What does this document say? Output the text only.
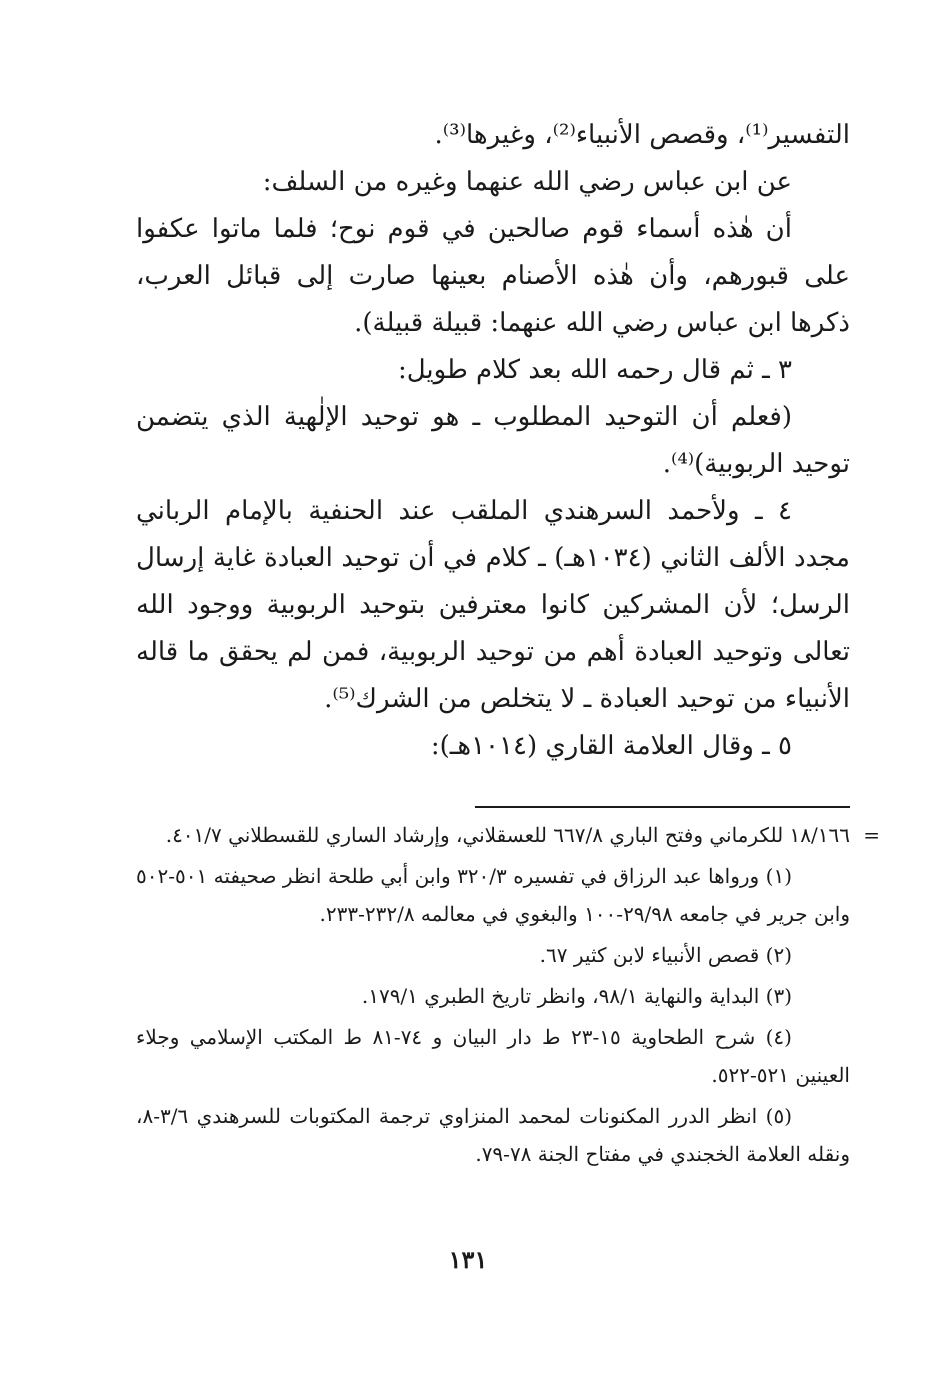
التفسير⁽¹⁾، وقصص الأنبياء⁽²⁾، وغيرها⁽³⁾.

عن ابن عباس رضي الله عنهما وغيره من السلف:

أن هٰذه أسماء قوم صالحين في قوم نوح؛ فلما ماتوا عكفوا على قبورهم، وأن هٰذه الأصنام بعينها صارت إلى قبائل العرب، ذكرها ابن عباس رضي الله عنهما: قبيلة قبيلة).

٣ ـ ثم قال رحمه الله بعد كلام طويل:

(فعلم أن التوحيد المطلوب ـ هو توحيد الإلٰهية الذي يتضمن توحيد الربوبية)⁽⁴⁾.

٤ ـ ولأحمد السرهندي الملقب عند الحنفية بالإمام الرباني مجدد الألف الثاني (١٠٣٤هـ) ـ كلام في أن توحيد العبادة غاية إرسال الرسل؛ لأن المشركين كانوا معترفين بتوحيد الربوبية ووجود الله تعالى وتوحيد العبادة أهم من توحيد الربوبية، فمن لم يحقق ما قاله الأنبياء من توحيد العبادة ـ لا يتخلص من الشرك⁽⁵⁾.

٥ ـ وقال العلامة القاري (١٠١٤هـ):

=
١٨/١٦٦ للكرماني وفتح الباري ٦٦٧/٨ للعسقلاني، وإرشاد الساري للقسطلاني ٤٠١/٧.

(١) ورواها عبد الرزاق في تفسيره ٣٢٠/٣ وابن أبي طلحة انظر صحيفته ٥٠١-٥٠٢ وابن جرير في جامعه ٢٩/٩٨-١٠٠ والبغوي في معالمه ٢٣٢/٨-٢٣٣.

(٢) قصص الأنبياء لابن كثير ٦٧.

(٣) البداية والنهاية ٩٨/١، وانظر تاريخ الطبري ١٧٩/١.

(٤) شرح الطحاوية ١٥-٢٣ ط دار البيان و ٧٤-٨١ ط المكتب الإسلامي وجلاء العينين ٥٢١-٥٢٢.

(٥) انظر الدرر المكنونات لمحمد المنزاوي ترجمة المكتوبات للسرهندي ٣/٦-٨، ونقله العلامة الخجندي في مفتاح الجنة ٧٨-٧٩.

١٣١
